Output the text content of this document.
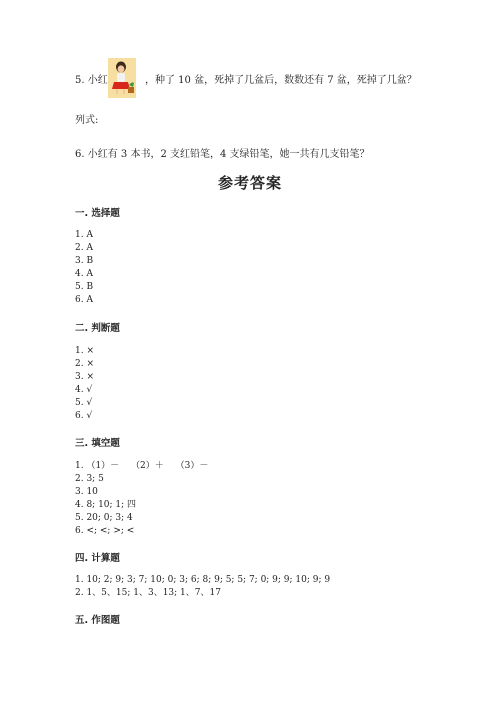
5. 小红	，种了 10 盆，死掉了几盆后，数数还有 7 盆，死掉了几盆？
列式:
6. 小红有 3 本书，2 支红铅笔，4 支绿铅笔，她一共有几支铅笔？
参考答案
一. 选择题
1. A
2. A
3. B
4. A
5. B
6. A
二. 判断题
1. ×
2. ×
3. ×
4. √
5. √
6. √
三. 填空题
1. （1）－　 （2）＋　 （3）－
2. 3; 5
3. 10
4. 8; 10; 1; 四
5. 20; 0; 3; 4
6. <; <; >; <
四. 计算题
1. 10; 2; 9; 3; 7; 10; 0; 3; 6; 8; 9; 5; 5; 7; 0; 9; 9; 10; 9; 9
2. 1、5、15; 1、3、13; 1、7、17
五. 作图题
